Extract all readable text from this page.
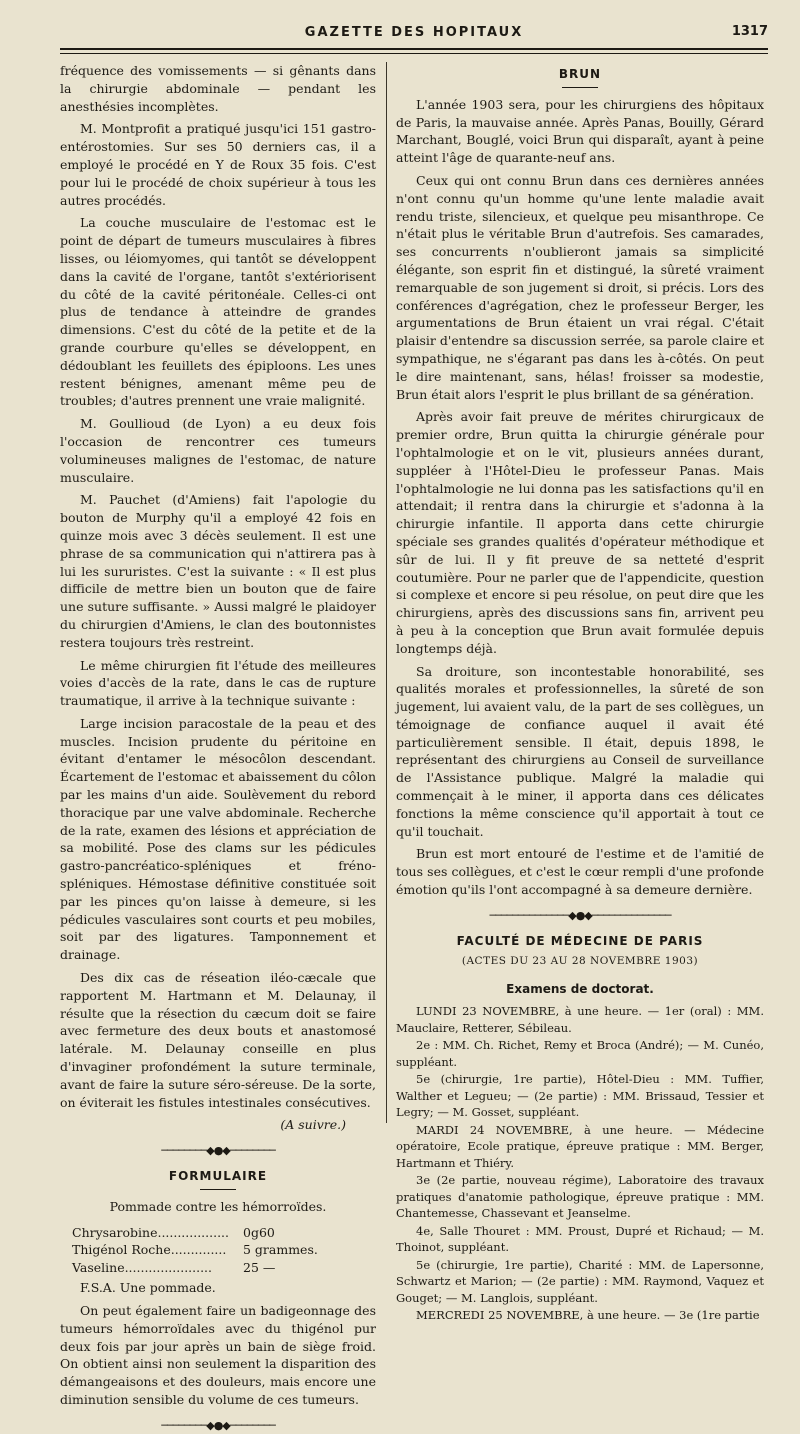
GAZETTE DES HOPITAUX	1317

fréquence des vomissements — si gênants dans la chirurgie abdominale — pendant les anesthésies incomplètes.

M. Montprofit a pratiqué jusqu'ici 151 gastro-entérostomies. Sur ses 50 derniers cas, il a employé le procédé en Y de Roux 35 fois. C'est pour lui le procédé de choix supérieur à tous les autres procédés.

La couche musculaire de l'estomac est le point de départ de tumeurs musculaires à fibres lisses, ou léiomyomes, qui tantôt se développent dans la cavité de l'organe, tantôt s'extériorisent du côté de la cavité péritonéale. Celles-ci ont plus de tendance à atteindre de grandes dimensions. C'est du côté de la petite et de la grande courbure qu'elles se développent, en dédoublant les feuillets des épiploons. Les unes restent bénignes, amenant même peu de troubles; d'autres prennent une vraie malignité.

M. Goullioud (de Lyon) a eu deux fois l'occasion de rencontrer ces tumeurs volumineuses malignes de l'estomac, de nature musculaire.

M. Pauchet (d'Amiens) fait l'apologie du bouton de Murphy qu'il a employé 42 fois en quinze mois avec 3 décès seulement. Il est une phrase de sa communication qui n'attirera pas à lui les sururistes. C'est la suivante : « Il est plus difficile de mettre bien un bouton que de faire une suture suffisante. » Aussi malgré le plaidoyer du chirurgien d'Amiens, le clan des boutonnistes restera toujours très restreint.

Le même chirurgien fit l'étude des meilleures voies d'accès de la rate, dans le cas de rupture traumatique, il arrive à la technique suivante :

Large incision paracostale de la peau et des muscles. Incision prudente du péritoine en évitant d'entamer le mésocôlon descendant. Écartement de l'estomac et abaissement du côlon par les mains d'un aide. Soulèvement du rebord thoracique par une valve abdominale. Recherche de la rate, examen des lésions et appréciation de sa mobilité. Pose des clams sur les pédicules gastro-pancréatico-spléniques et fréno-spléniques. Hémostase définitive constituée soit par les pinces qu'on laisse à demeure, si les pédicules vasculaires sont courts et peu mobiles, soit par des ligatures. Tamponnement et drainage.

Des dix cas de réseation iléo-cæcale que rapportent M. Hartmann et M. Delaunay, il résulte que la résection du cæcum doit se faire avec fermeture des deux bouts et anastomosé latérale. M. Delaunay conseille en plus d'invaginer profondément la suture terminale, avant de faire la suture séro-séreuse. De la sorte, on éviterait les fistules intestinales consécutives.

(A suivre.)
────────◆●◆────────
FORMULAIRE
Pommade contre les hémorroïdes.
Chrysarobine..................	0g60
Thigénol Roche..............	5 grammes.
Vaseline......................	25 —

F.S.A. Une pommade.

On peut également faire un badigeonnage des tumeurs hémorroïdales avec du thigénol pur deux fois par jour après un bain de siège froid. On obtient ainsi non seulement la disparition des démangeaisons et des douleurs, mais encore une diminution sensible du volume de ces tumeurs.

────────◆●◆────────
BRUN

L'année 1903 sera, pour les chirurgiens des hôpitaux de Paris, la mauvaise année. Après Panas, Bouilly, Gérard Marchant, Bouglé, voici Brun qui disparaît, ayant à peine atteint l'âge de quarante-neuf ans.

Ceux qui ont connu Brun dans ces dernières années n'ont connu qu'un homme qu'une lente maladie avait rendu triste, silencieux, et quelque peu misanthrope. Ce n'était plus le véritable Brun d'autrefois. Ses camarades, ses concurrents n'oublieront jamais sa simplicité élégante, son esprit fin et distingué, la sûreté vraiment remarquable de son jugement si droit, si précis. Lors des conférences d'agrégation, chez le professeur Berger, les argumentations de Brun étaient un vrai régal. C'était plaisir d'entendre sa discussion serrée, sa parole claire et sympathique, ne s'égarant pas dans les à-côtés. On peut le dire maintenant, sans, hélas! froisser sa modestie, Brun était alors l'esprit le plus brillant de sa génération.

Après avoir fait preuve de mérites chirurgicaux de premier ordre, Brun quitta la chirurgie générale pour l'ophtalmologie et on le vit, plusieurs années durant, suppléer à l'Hôtel-Dieu le professeur Panas. Mais l'ophtalmologie ne lui donna pas les satisfactions qu'il en attendait; il rentra dans la chirurgie et s'adonna à la chirurgie infantile. Il apporta dans cette chirurgie spéciale ses grandes qualités d'opérateur méthodique et sûr de lui. Il y fit preuve de sa netteté d'esprit coutumière. Pour ne parler que de l'appendicite, question si complexe et encore si peu résolue, on peut dire que les chirurgiens, après des discussions sans fin, arrivent peu à peu à la conception que Brun avait formulée depuis longtemps déjà.

Sa droiture, son incontestable honorabilité, ses qualités morales et professionnelles, la sûreté de son jugement, lui avaient valu, de la part de ses collègues, un témoignage de confiance auquel il avait été particulièrement sensible. Il était, depuis 1898, le représentant des chirurgiens au Conseil de surveillance de l'Assistance publique. Malgré la maladie qui commençait à le miner, il apporta dans ces délicates fonctions la même conscience qu'il apportait à tout ce qu'il touchait.

Brun est mort entouré de l'estime et de l'amitié de tous ses collègues, et c'est le cœur rempli d'une profonde émotion qu'ils l'ont accompagné à sa demeure dernière.

──────────────◆●◆──────────────
FACULTÉ DE MÉDECINE DE PARIS
(ACTES DU 23 AU 28 NOVEMBRE 1903)
Examens de doctorat.

LUNDI 23 NOVEMBRE, à une heure. — 1er (oral) : MM. Mauclaire, Retterer, Sébileau.

2e : MM. Ch. Richet, Remy et Broca (André); — M. Cunéo, suppléant.

5e (chirurgie, 1re partie), Hôtel-Dieu : MM. Tuffier, Walther et Legueu; — (2e partie) : MM. Brissaud, Tessier et Legry; — M. Gosset, suppléant.

MARDI 24 NOVEMBRE, à une heure. — Médecine opératoire, Ecole pratique, épreuve pratique : MM. Berger, Hartmann et Thiéry.

3e (2e partie, nouveau régime), Laboratoire des travaux pratiques d'anatomie pathologique, épreuve pratique : MM. Chantemesse, Chassevant et Jeanselme.

4e, Salle Thouret : MM. Proust, Dupré et Richaud; — M. Thoinot, suppléant.

5e (chirurgie, 1re partie), Charité : MM. de Lapersonne, Schwartz et Marion; — (2e partie) : MM. Raymond, Vaquez et Gouget; — M. Langlois, suppléant.

MERCREDI 25 NOVEMBRE, à une heure. — 3e (1re partie
